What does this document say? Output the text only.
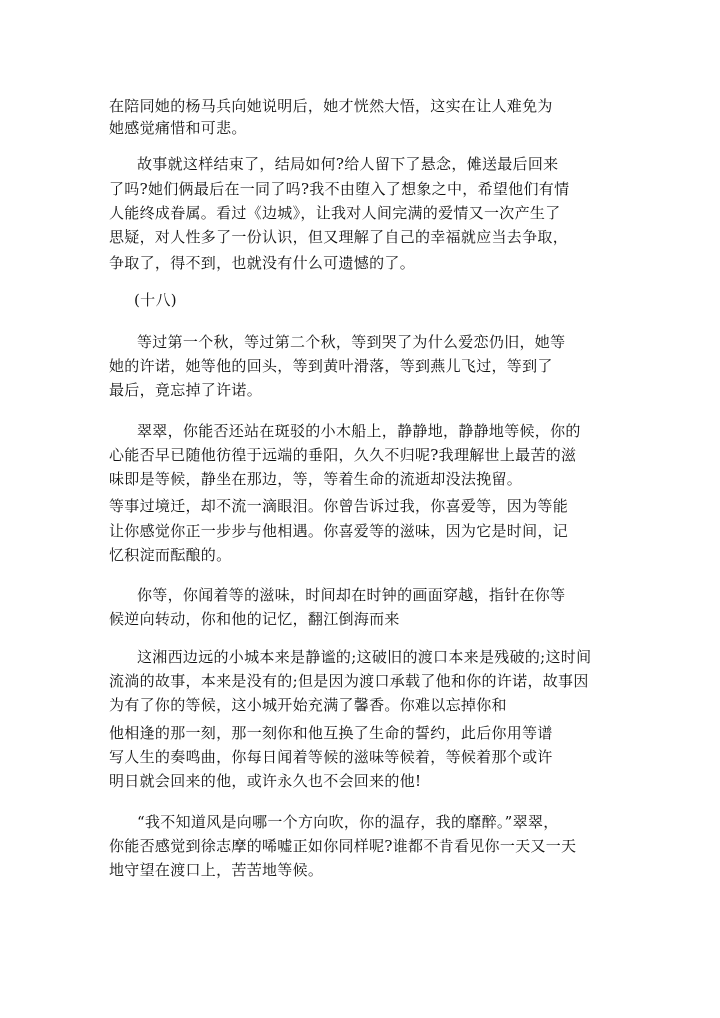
在陪同她的杨马兵向她说明后，她才恍然大悟，这实在让人难免为
她感觉痛惜和可悲。
故事就这样结束了，结局如何?给人留下了悬念，傩送最后回来
了吗?她们俩最后在一同了吗?我不由堕入了想象之中，希望他们有情
人能终成眷属。看过《边城》，让我对人间完满的爱情又一次产生了
思疑，对人性多了一份认识，但又理解了自己的幸福就应当去争取，
争取了，得不到，也就没有什么可遗憾的了。
(十八)
等过第一个秋，等过第二个秋，等到哭了为什么爱恋仍旧，她等
她的许诺，她等他的回头，等到黄叶滑落，等到燕儿飞过，等到了
最后，竟忘掉了许诺。
翠翠，你能否还站在斑驳的小木船上，静静地，静静地等候，你的
心能否早已随他彷徨于远端的垂阳，久久不归呢?我理解世上最苦的滋
味即是等候，静坐在那边，等，等着生命的流逝却没法挽留。
等事过境迁，却不流一滴眼泪。你曾告诉过我，你喜爱等，因为等能
让你感觉你正一步步与他相遇。你喜爱等的滋味，因为它是时间，记
忆积淀而酝酿的。
你等，你闻着等的滋味，时间却在时钟的画面穿越，指针在你等
候逆向转动，你和他的记忆，翻江倒海而来
这湘西边远的小城本来是静谧的;这破旧的渡口本来是残破的;这时间
流淌的故事，本来是没有的;但是因为渡口承载了他和你的许诺，故事因
为有了你的等候，这小城开始充满了馨香。你难以忘掉你和
他相逢的那一刻，那一刻你和他互换了生命的誓约，此后你用等谱
写人生的奏鸣曲，你每日闻着等候的滋味等候着，等候着那个或许
明日就会回来的他，或许永久也不会回来的他!
“我不知道风是向哪一个方向吹，你的温存，我的靡醉。”翠翠，
你能否感觉到徐志摩的唏嘘正如你同样呢?谁都不肯看见你一天又一天
地守望在渡口上，苦苦地等候。
